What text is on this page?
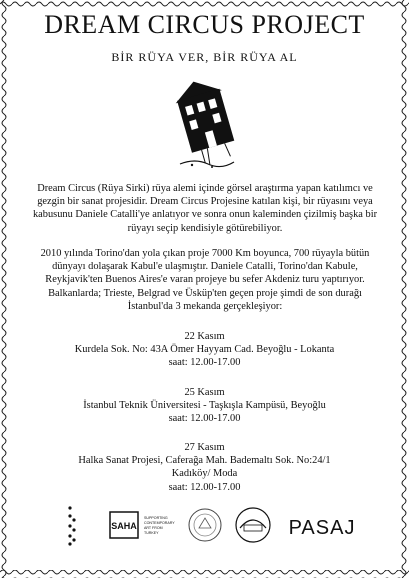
DREAM CIRCUS PROJECT
BİR RÜYA VER, BİR RÜYA AL
Dream Circus (Rüya Sirki) rüya alemi içinde görsel araştırma yapan katılımcı ve gezgin bir sanat projesidir. Dream Circus Projesine katılan kişi, bir rüyasını veya kabusunu Daniele Catalli'ye anlatıyor ve sonra onun kaleminden çizilmiş başka bir rüyayı seçip kendisiyle götürebiliyor.
2010 yılında Torino'dan yola çıkan proje 7000 Km boyunca, 700 rüyayla bütün dünyayı dolaşarak Kabul'e ulaşmıştır. Daniele Catalli, Torino'dan Kabule, Reykjavik'ten Buenos Aires'e varan projeye bu sefer Akdeniz turu yaptırıyor. Balkanlarda; Trieste, Belgrad ve Üsküp'ten geçen proje şimdi de son durağı İstanbul'da 3 mekanda gerçekleşiyor:
22 Kasım
Kurdela Sok. No: 43A Ömer Hayyam Cad. Beyoğlu - Lokanta
saat: 12.00-17.00
25 Kasım
İstanbul Teknik Üniversitesi - Taşkışla Kampüsü, Beyoğlu
saat: 12.00-17.00
27 Kasım
Halka Sanat Projesi, Caferağa Mah. Bademaltı Sok. No:24/1
Kadıköy/ Moda
saat: 12.00-17.00
SAHA
SUPPORTING
CONTEMPORARY
ART FROM
TURKEY	PASAJ
